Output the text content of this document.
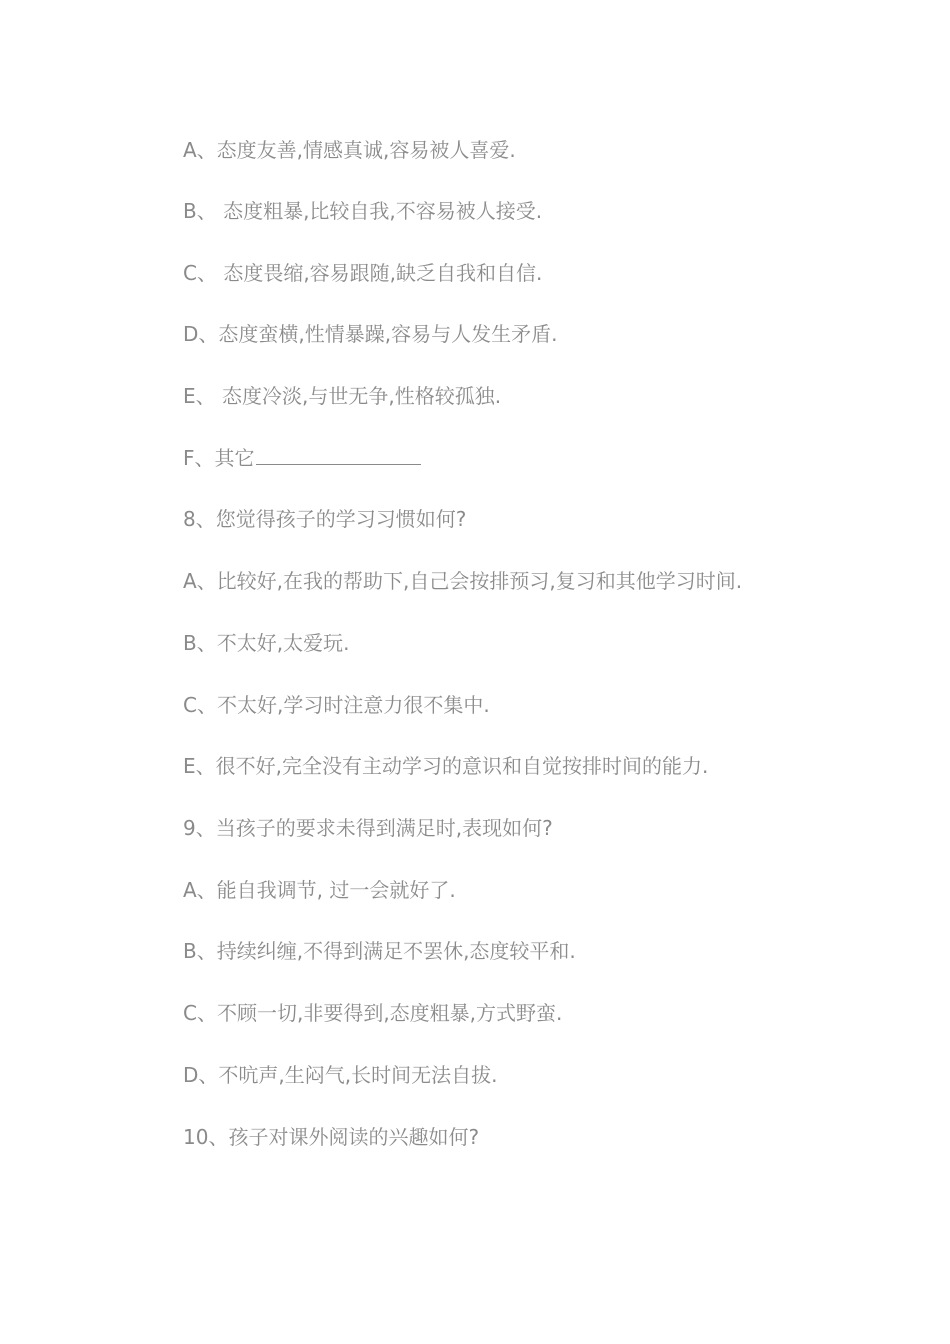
A、态度友善,情感真诚,容易被人喜爱.
B、 态度粗暴,比较自我,不容易被人接受.
C、 态度畏缩,容易跟随,缺乏自我和自信.
D、态度蛮横,性情暴躁,容易与人发生矛盾.
E、 态度冷淡,与世无争,性格较孤独.
F、其它
8、您觉得孩子的学习习惯如何?
A、比较好,在我的帮助下,自己会按排预习,复习和其他学习时间.
B、不太好,太爱玩.
C、不太好,学习时注意力很不集中.
E、很不好,完全没有主动学习的意识和自觉按排时间的能力.
9、当孩子的要求未得到满足时,表现如何?
A、能自我调节, 过一会就好了.
B、持续纠缠,不得到满足不罢休,态度较平和.
C、不顾一切,非要得到,态度粗暴,方式野蛮.
D、不吭声,生闷气,长时间无法自拔.
10、孩子对课外阅读的兴趣如何?
